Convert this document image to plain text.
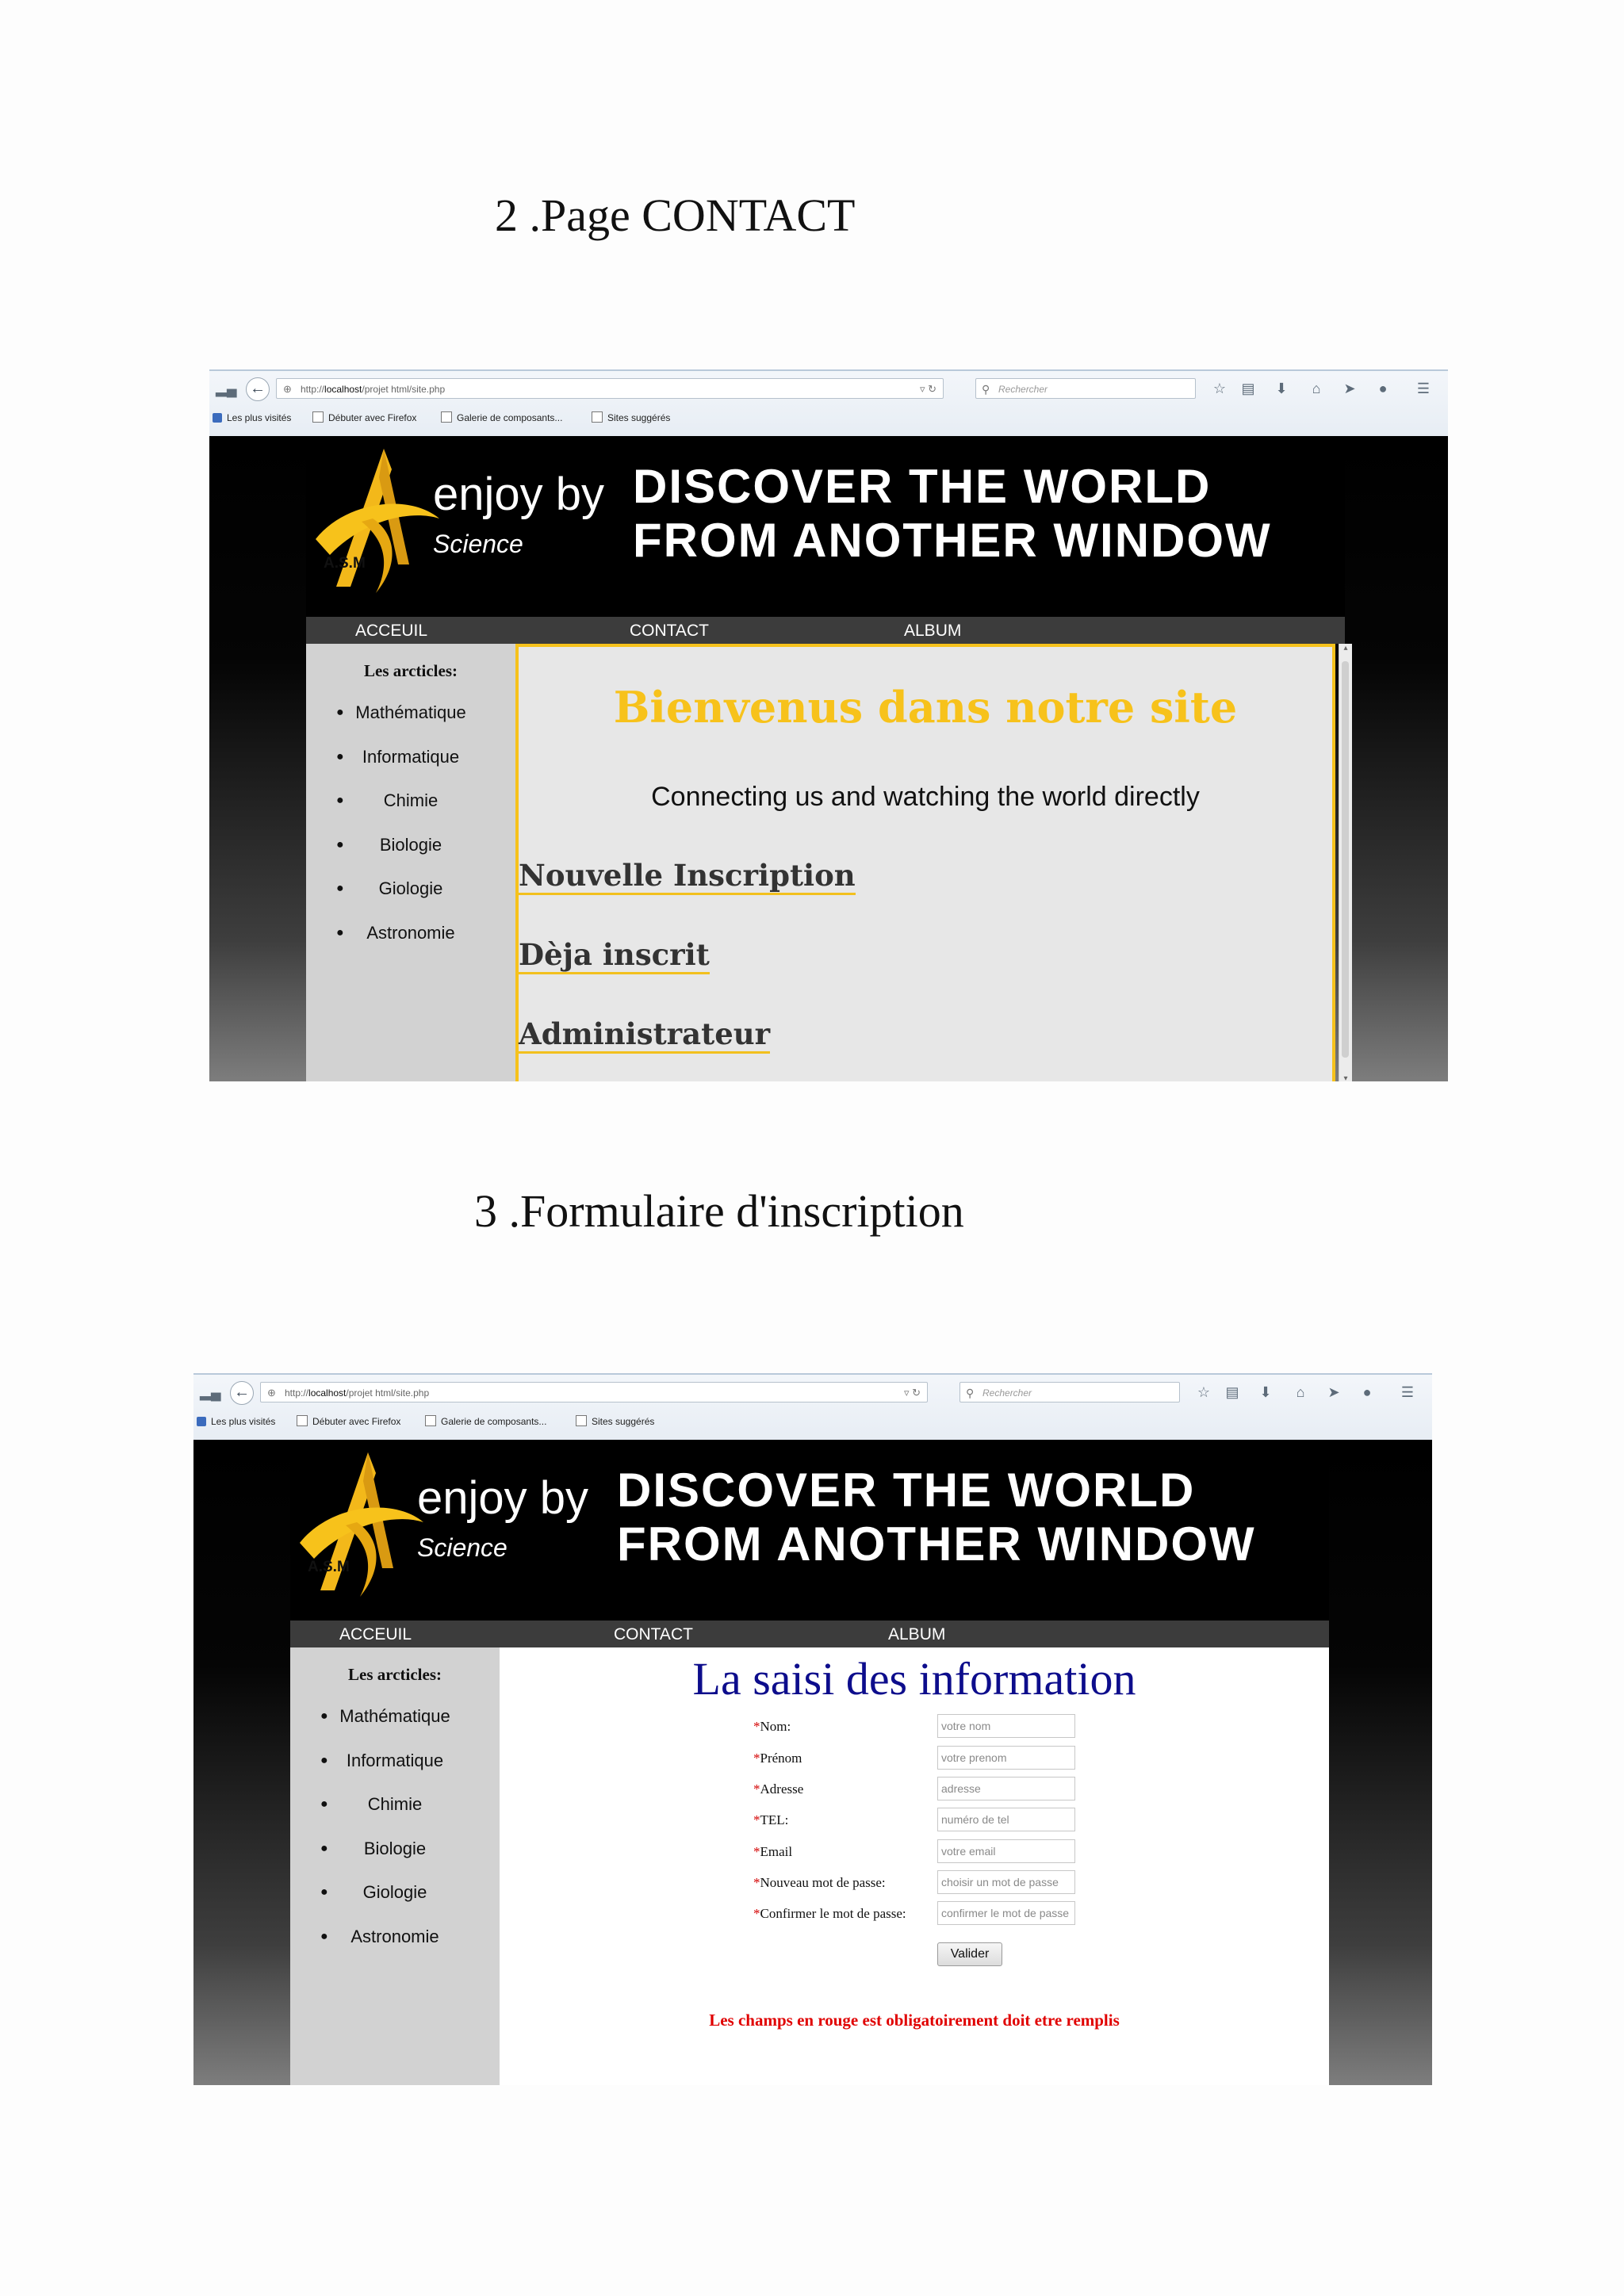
2 .Page CONTACT
▂▄ ←	⊕ http://localhost/projet html/site.php	▿ ↻	⚲ Rechercher	☆ ▤ ⬇	⌂	➤	●	☰
Les plus visités	Débuter avec Firefox	Galerie de composants...	Sites suggérés
A.S.M
enjoy by
Science
DISCOVER THE WORLD
FROM ANOTHER WINDOW
ACCEUIL	CONTACT	ALBUM
Les arcticles:
● Mathématique
●	Informatique
●	Chimie
●	Biologie
●	Giologie
●	Astronomie
Bienvenus dans notre site
Connecting us and watching the world directly
Nouvelle Inscription
Dèja inscrit
Administrateur
▴
▾
3 .Formulaire d'inscription
▂▄ ←	⊕ http://localhost/projet html/site.php	▿ ↻	⚲ Rechercher	☆ ▤ ⬇	⌂	➤	●	☰
Les plus visités	Débuter avec Firefox	Galerie de composants...	Sites suggérés
A.S.M
enjoy by
Science
DISCOVER THE WORLD
FROM ANOTHER WINDOW
ACCEUIL	CONTACT	ALBUM
Les arcticles:
● Mathématique
●	Informatique
●	Chimie
●	Biologie
●	Giologie
●	Astronomie
La saisi des information
*Nom:
votre nom
*Prénom
votre prenom
*Adresse
adresse
*TEL:
numéro de tel
*Email
votre email
*Nouveau mot de passe:
choisir un mot de passe
*Confirmer le mot de passe:
confirmer le mot de passe
Valider
Les champs en rouge est obligatoirement doit etre remplis
